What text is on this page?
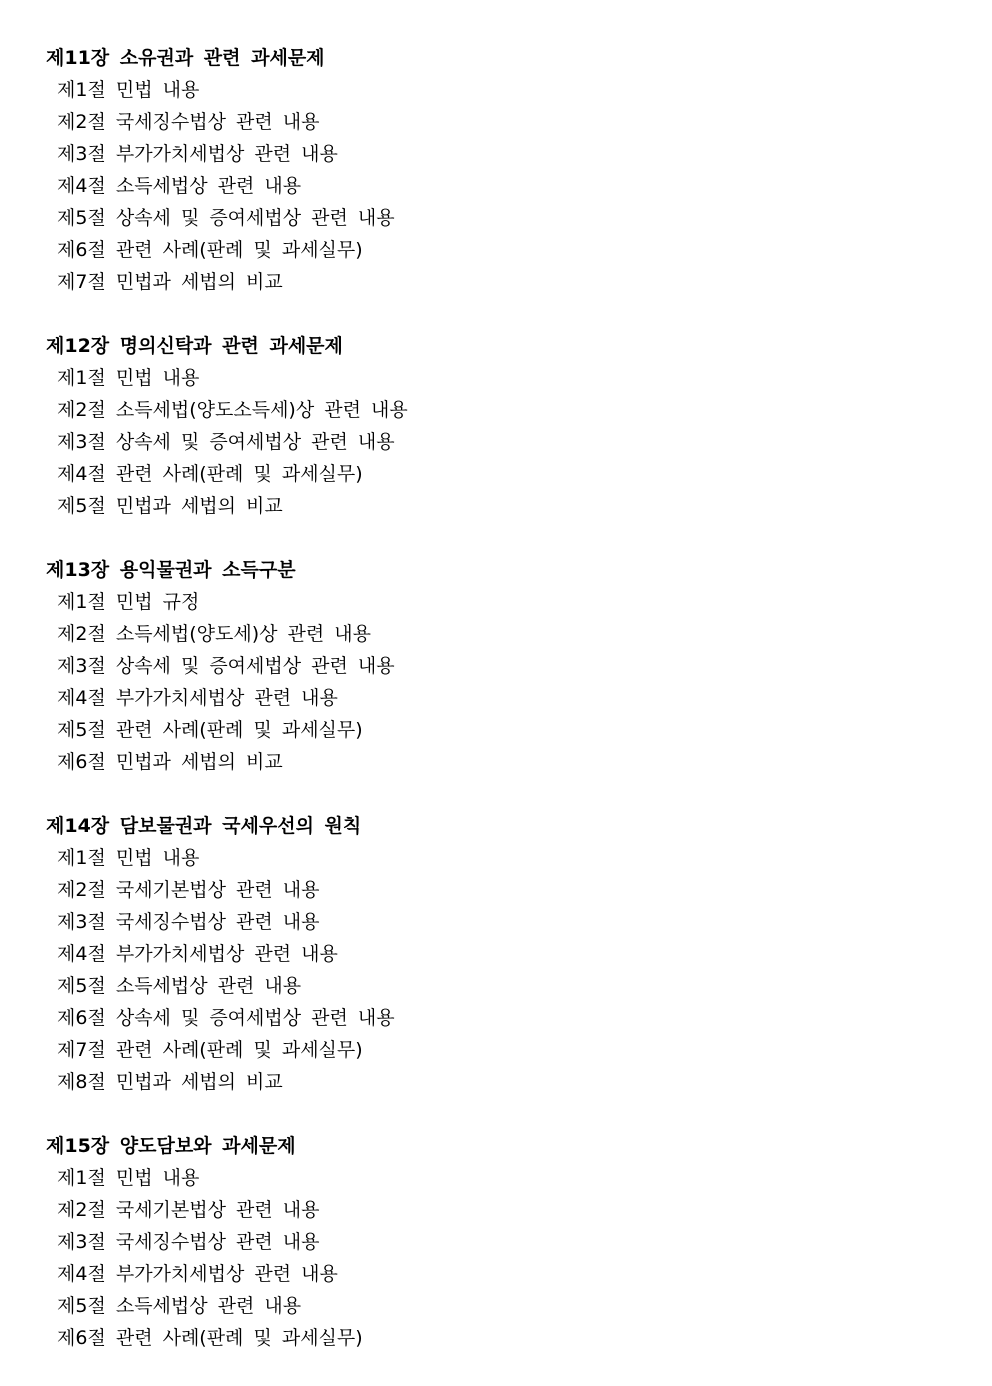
제11장 소유권과 관련 과세문제
제1절 민법 내용
제2절 국세징수법상 관련 내용
제3절 부가가치세법상 관련 내용
제4절 소득세법상 관련 내용
제5절 상속세 및 증여세법상 관련 내용
제6절 관련 사례(판례 및 과세실무)
제7절 민법과 세법의 비교
제12장 명의신탁과 관련 과세문제
제1절 민법 내용
제2절 소득세법(양도소득세)상 관련 내용
제3절 상속세 및 증여세법상 관련 내용
제4절 관련 사례(판례 및 과세실무)
제5절 민법과 세법의 비교
제13장 용익물권과 소득구분
제1절 민법 규정
제2절 소득세법(양도세)상 관련 내용
제3절 상속세 및 증여세법상 관련 내용
제4절 부가가치세법상 관련 내용
제5절 관련 사례(판례 및 과세실무)
제6절 민법과 세법의 비교
제14장 담보물권과 국세우선의 원칙
제1절 민법 내용
제2절 국세기본법상 관련 내용
제3절 국세징수법상 관련 내용
제4절 부가가치세법상 관련 내용
제5절 소득세법상 관련 내용
제6절 상속세 및 증여세법상 관련 내용
제7절 관련 사례(판례 및 과세실무)
제8절 민법과 세법의 비교
제15장 양도담보와 과세문제
제1절 민법 내용
제2절 국세기본법상 관련 내용
제3절 국세징수법상 관련 내용
제4절 부가가치세법상 관련 내용
제5절 소득세법상 관련 내용
제6절 관련 사례(판례 및 과세실무)
